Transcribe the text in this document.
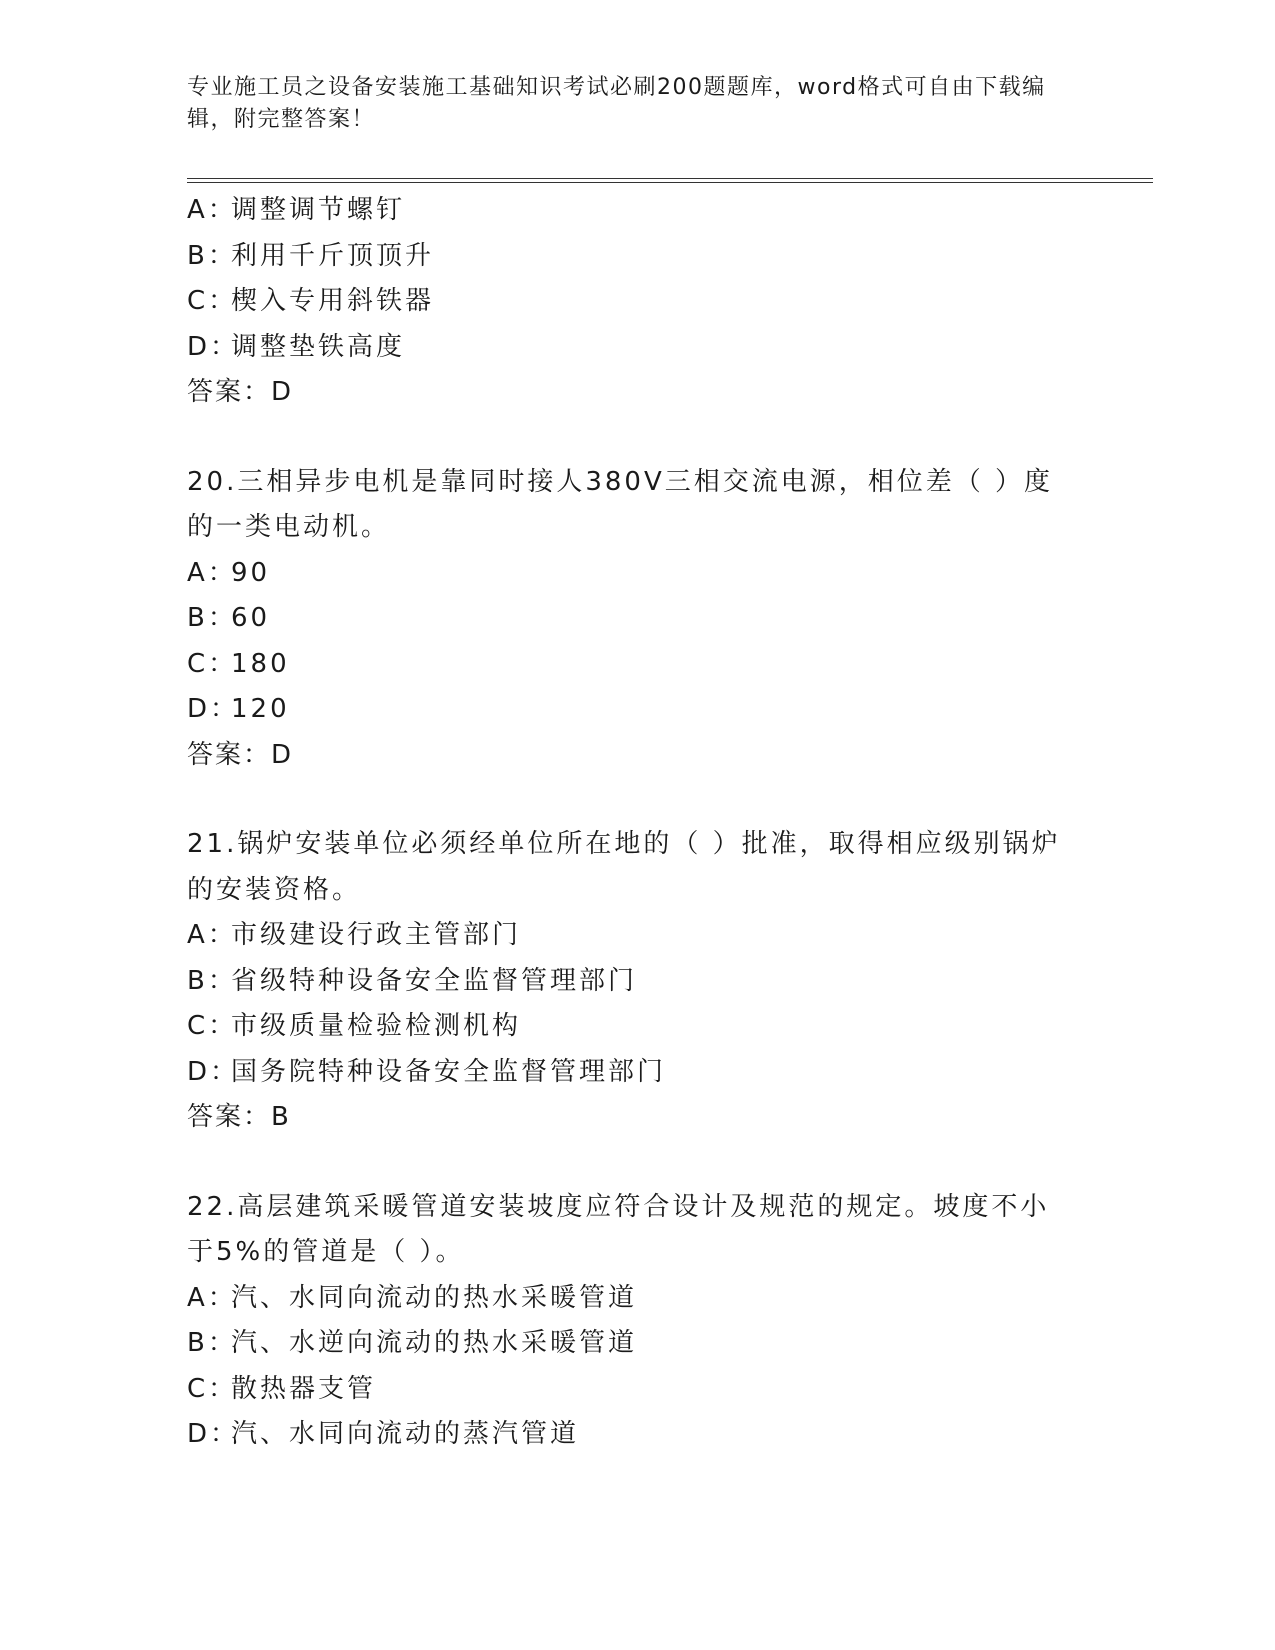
专业施工员之设备安装施工基础知识考试必刷200题题库，word格式可自由下载编辑，附完整答案！
A：调整调节螺钉
B：利用千斤顶顶升
C：楔入专用斜铁器
D：调整垫铁高度
答案：D
20.三相异步电机是靠同时接人380V三相交流电源，相位差（ ）度的一类电动机。
A：90
B：60
C：180
D：120
答案：D
21.锅炉安装单位必须经单位所在地的（ ）批准，取得相应级别锅炉的安装资格。
A：市级建设行政主管部门
B：省级特种设备安全监督管理部门
C：市级质量检验检测机构
D：国务院特种设备安全监督管理部门
答案：B
22.高层建筑采暖管道安装坡度应符合设计及规范的规定。坡度不小于5%的管道是（ ）。
A：汽、水同向流动的热水采暖管道
B：汽、水逆向流动的热水采暖管道
C：散热器支管
D：汽、水同向流动的蒸汽管道
